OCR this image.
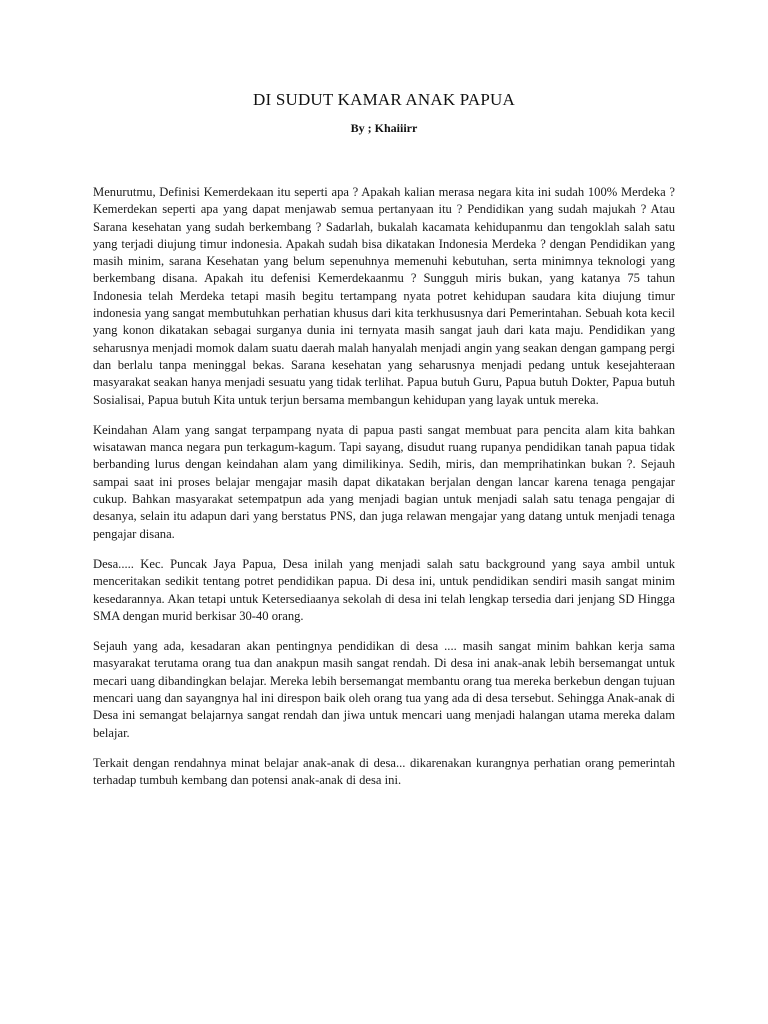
DI SUDUT KAMAR ANAK PAPUA
By ; Khaiiirr

Menurutmu, Definisi Kemerdekaan itu seperti apa ? Apakah kalian merasa negara kita ini sudah 100% Merdeka ? Kemerdekan seperti apa yang dapat menjawab semua pertanyaan itu ? Pendidikan yang sudah majukah ? Atau Sarana kesehatan yang sudah berkembang ? Sadarlah, bukalah kacamata kehidupanmu dan tengoklah salah satu yang terjadi diujung timur indonesia. Apakah sudah bisa dikatakan Indonesia Merdeka ? dengan Pendidikan yang masih minim, sarana Kesehatan yang belum sepenuhnya memenuhi kebutuhan, serta minimnya teknologi yang berkembang disana. Apakah itu defenisi Kemerdekaanmu ? Sungguh miris bukan, yang katanya 75 tahun Indonesia telah Merdeka tetapi masih begitu tertampang nyata potret kehidupan saudara kita diujung timur indonesia yang sangat membutuhkan perhatian khusus dari kita terkhususnya dari Pemerintahan. Sebuah kota kecil yang konon dikatakan sebagai surganya dunia ini ternyata masih sangat jauh dari kata maju. Pendidikan yang seharusnya menjadi momok dalam suatu daerah malah hanyalah menjadi angin yang seakan dengan gampang pergi dan berlalu tanpa meninggal bekas. Sarana kesehatan yang seharusnya menjadi pedang untuk kesejahteraan masyarakat seakan hanya menjadi sesuatu yang tidak terlihat. Papua butuh Guru, Papua butuh Dokter, Papua butuh Sosialisai, Papua butuh Kita untuk terjun bersama membangun kehidupan yang layak untuk mereka.

Keindahan Alam yang sangat terpampang nyata di papua pasti sangat membuat para pencita alam kita bahkan wisatawan manca negara pun terkagum-kagum. Tapi sayang, disudut ruang rupanya pendidikan tanah papua tidak berbanding lurus dengan keindahan alam yang dimilikinya. Sedih, miris, dan memprihatinkan bukan ?. Sejauh sampai saat ini proses belajar mengajar masih dapat dikatakan berjalan dengan lancar karena tenaga pengajar cukup. Bahkan masyarakat setempatpun ada yang menjadi bagian untuk menjadi salah satu tenaga pengajar di desanya, selain itu adapun dari yang berstatus PNS, dan juga relawan mengajar yang datang untuk menjadi tenaga pengajar disana.

Desa..... Kec. Puncak Jaya Papua, Desa inilah yang menjadi salah satu background yang saya ambil untuk menceritakan sedikit tentang potret pendidikan papua. Di desa ini, untuk pendidikan sendiri masih sangat minim kesedarannya. Akan tetapi untuk Ketersediaanya sekolah di desa ini telah lengkap tersedia dari jenjang SD Hingga SMA dengan murid berkisar 30-40 orang.

Sejauh yang ada, kesadaran akan pentingnya pendidikan di desa .... masih sangat minim bahkan kerja sama masyarakat terutama orang tua dan anakpun masih sangat rendah. Di desa ini anak-anak lebih bersemangat untuk mecari uang dibandingkan belajar. Mereka lebih bersemangat membantu orang tua mereka berkebun dengan tujuan mencari uang dan sayangnya hal ini direspon baik oleh orang tua yang ada di desa tersebut. Sehingga Anak-anak di Desa ini semangat belajarnya sangat rendah dan jiwa untuk mencari uang menjadi halangan utama mereka dalam belajar.

Terkait dengan rendahnya minat belajar anak-anak di desa... dikarenakan kurangnya perhatian orang pemerintah terhadap tumbuh kembang dan potensi anak-anak di desa ini.
